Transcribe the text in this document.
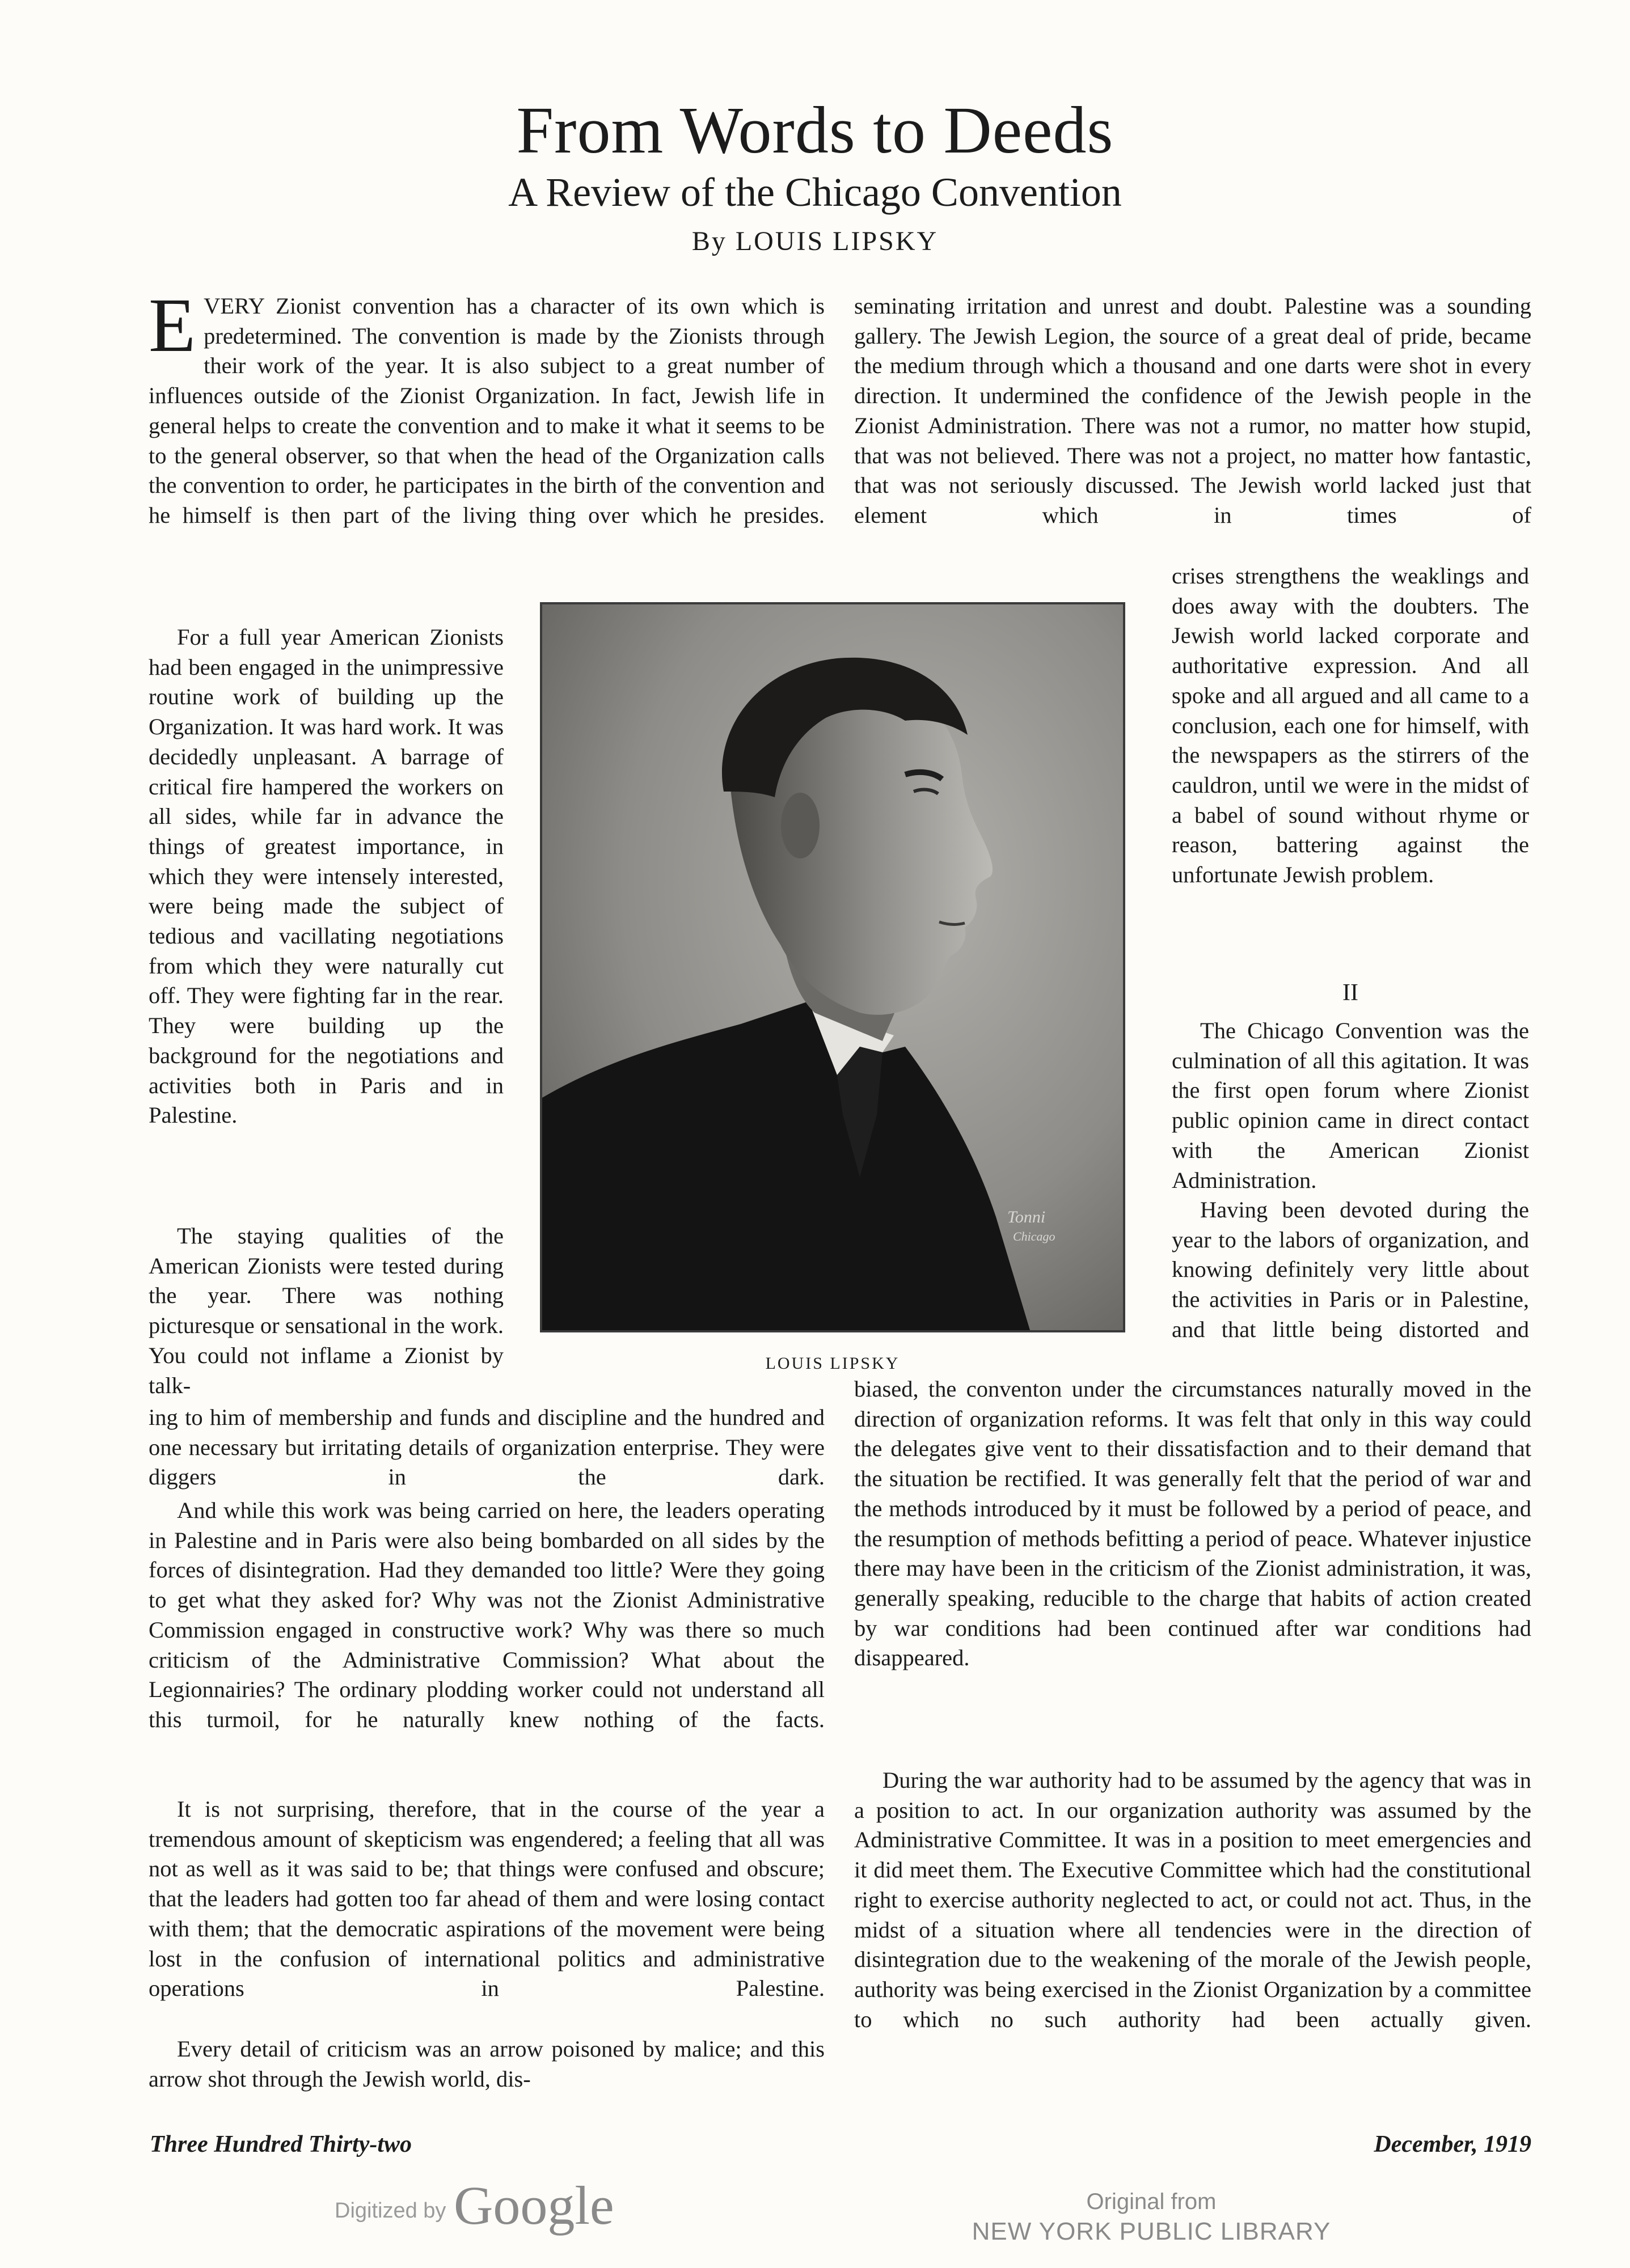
From Words to Deeds
A Review of the Chicago Convention
By LOUIS LIPSKY

EVERY Zionist convention has a character of its own which is predetermined. The convention is made by the Zionists through their work of the year. It is also subject to a great number of influences outside of the Zionist Organization. In fact, Jewish life in general helps to create the convention and to make it what it seems to be to the general observer, so that when the head of the Organization calls the convention to order, he participates in the birth of the convention and he himself is then part of the living thing over which he presides.

For a full year American Zionists had been engaged in the unimpressive routine work of building up the Organization. It was hard work. It was decidedly unpleasant. A barrage of critical fire hampered the workers on all sides, while far in advance the things of greatest importance, in which they were intensely interested, were being made the subject of tedious and vacillating negotiations from which they were naturally cut off. They were fighting far in the rear. They were building up the background for the negotiations and activities both in Paris and in Palestine.

The staying qualities of the American Zionists were tested during the year. There was nothing picturesque or sensational in the work. You could not inflame a Zionist by talk-

ing to him of membership and funds and discipline and the hundred and one necessary but irritating details of organization enterprise. They were diggers in the dark.

And while this work was being carried on here, the leaders operating in Palestine and in Paris were also being bombarded on all sides by the forces of disintegration. Had they demanded too little? Were they going to get what they asked for? Why was not the Zionist Administrative Commission engaged in constructive work? Why was there so much criticism of the Administrative Commission? What about the Legionnairies? The ordinary plodding worker could not understand all this turmoil, for he naturally knew nothing of the facts.

It is not surprising, therefore, that in the course of the year a tremendous amount of skepticism was engendered; a feeling that all was not as well as it was said to be; that things were confused and obscure; that the leaders had gotten too far ahead of them and were losing contact with them; that the democratic aspirations of the movement were being lost in the confusion of international politics and administrative operations in Palestine.

Every detail of criticism was an arrow poisoned by malice; and this arrow shot through the Jewish world, dis-

seminating irritation and unrest and doubt. Palestine was a sounding gallery. The Jewish Legion, the source of a great deal of pride, became the medium through which a thousand and one darts were shot in every direction. It undermined the confidence of the Jewish people in the Zionist Administration. There was not a rumor, no matter how stupid, that was not believed. There was not a project, no matter how fantastic, that was not seriously discussed. The Jewish world lacked just that element which in times of

crises strengthens the weaklings and does away with the doubters. The Jewish world lacked corporate and authoritative expression. And all spoke and all argued and all came to a conclusion, each one for himself, with the newspapers as the stirrers of the cauldron, until we were in the midst of a babel of sound without rhyme or reason, battering against the unfortunate Jewish problem.

II

The Chicago Convention was the culmination of all this agitation. It was the first open forum where Zionist public opinion came in direct contact with the American Zionist Administration.

Having been devoted during the year to the labors of organization, and knowing definitely very little about the activities in Paris or in Palestine, and that little being distorted and

biased, the conventon under the circumstances naturally moved in the direction of organization reforms. It was felt that only in this way could the delegates give vent to their dissatisfaction and to their demand that the situation be rectified. It was generally felt that the period of war and the methods introduced by it must be followed by a period of peace, and the resumption of methods befitting a period of peace. Whatever injustice there may have been in the criticism of the Zionist administration, it was, generally speaking, reducible to the charge that habits of action created by war conditions had been continued after war conditions had disappeared.

During the war authority had to be assumed by the agency that was in a position to act. In our organization authority was assumed by the Administrative Committee. It was in a position to meet emergencies and it did meet them. The Executive Committee which had the constitutional right to exercise authority neglected to act, or could not act. Thus, in the midst of a situation where all tendencies were in the direction of disintegration due to the weakening of the morale of the Jewish people, authority was being exercised in the Zionist Organization by a committee to which no such authority had been actually given.

Tonni
Chicago
LOUIS LIPSKY
Three Hundred Thirty-two	December, 1919
Digitized by Google	Original from
NEW YORK PUBLIC LIBRARY
